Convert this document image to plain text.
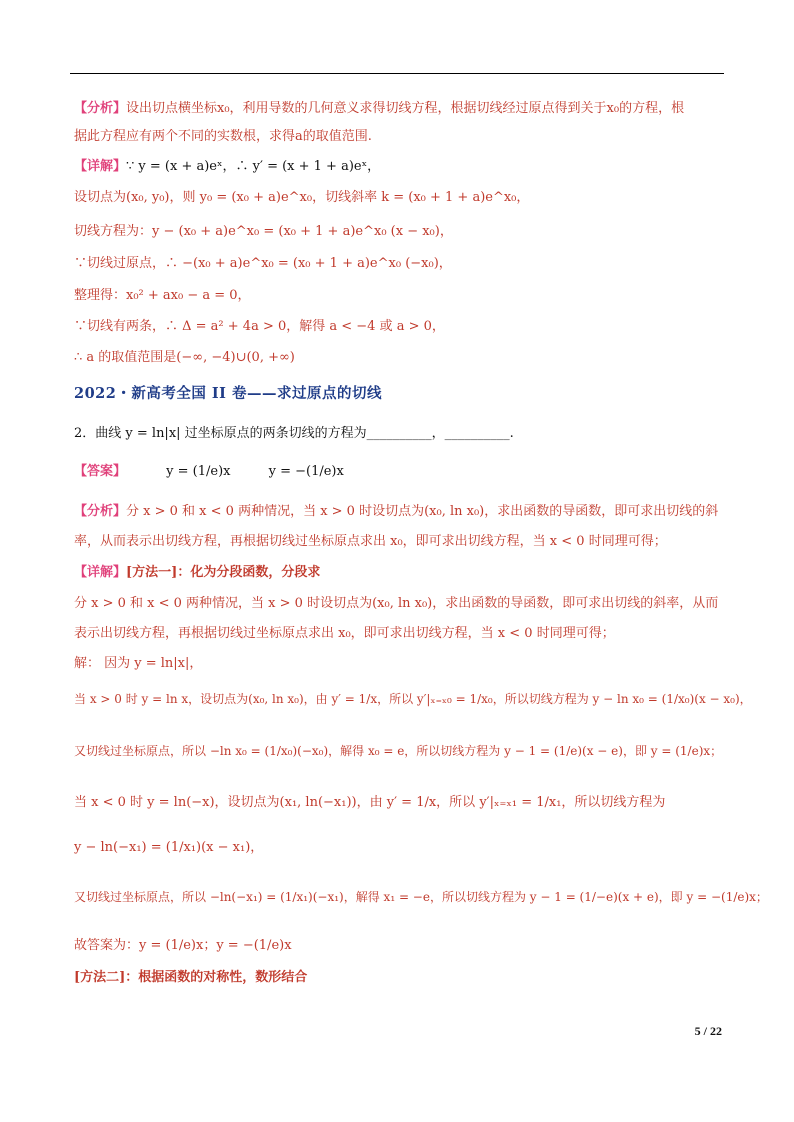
【分析】设出切点横坐标x₀，利用导数的几何意义求得切线方程，根据切线经过原点得到关于x₀的方程，根
据此方程应有两个不同的实数根，求得a的取值范围.
【详解】∵ y = (x + a)eˣ，∴ y′ = (x + 1 + a)eˣ，
设切点为(x₀, y₀)，则 y₀ = (x₀ + a)e^x₀，切线斜率 k = (x₀ + 1 + a)e^x₀，
切线方程为：y − (x₀ + a)e^x₀ = (x₀ + 1 + a)e^x₀ (x − x₀)，
∵切线过原点，∴ −(x₀ + a)e^x₀ = (x₀ + 1 + a)e^x₀ (−x₀)，
整理得：x₀² + ax₀ − a = 0，
∵切线有两条，∴ Δ = a² + 4a > 0，解得 a < −4 或 a > 0，
∴ a 的取值范围是(−∞, −4)∪(0, +∞)
2022・新高考全国 II 卷——求过原点的切线
2．曲线 y = ln|x| 过坐标原点的两条切线的方程为__________，__________.
【答案】	y = (1/e)x	y = −(1/e)x
【分析】分 x > 0 和 x < 0 两种情况，当 x > 0 时设切点为(x₀, ln x₀)，求出函数的导函数，即可求出切线的斜
率，从而表示出切线方程，再根据切线过坐标原点求出 x₀，即可求出切线方程，当 x < 0 时同理可得；
【详解】[方法一]：化为分段函数，分段求
分 x > 0 和 x < 0 两种情况，当 x > 0 时设切点为(x₀, ln x₀)，求出函数的导函数，即可求出切线的斜率，从而
表示出切线方程，再根据切线过坐标原点求出 x₀，即可求出切线方程，当 x < 0 时同理可得；
解： 因为 y = ln|x|，
当 x > 0 时 y = ln x，设切点为(x₀, ln x₀)，由 y′ = 1/x，所以 y′|ₓ₌ₓ₀ = 1/x₀，所以切线方程为 y − ln x₀ = (1/x₀)(x − x₀)，
又切线过坐标原点，所以 −ln x₀ = (1/x₀)(−x₀)，解得 x₀ = e，所以切线方程为 y − 1 = (1/e)(x − e)，即 y = (1/e)x；
当 x < 0 时 y = ln(−x)，设切点为(x₁, ln(−x₁))，由 y′ = 1/x，所以 y′|ₓ₌ₓ₁ = 1/x₁，所以切线方程为
y − ln(−x₁) = (1/x₁)(x − x₁)，
又切线过坐标原点，所以 −ln(−x₁) = (1/x₁)(−x₁)，解得 x₁ = −e，所以切线方程为 y − 1 = (1/−e)(x + e)，即 y = −(1/e)x；
故答案为：y = (1/e)x；y = −(1/e)x
[方法二]：根据函数的对称性，数形结合
5 / 22
